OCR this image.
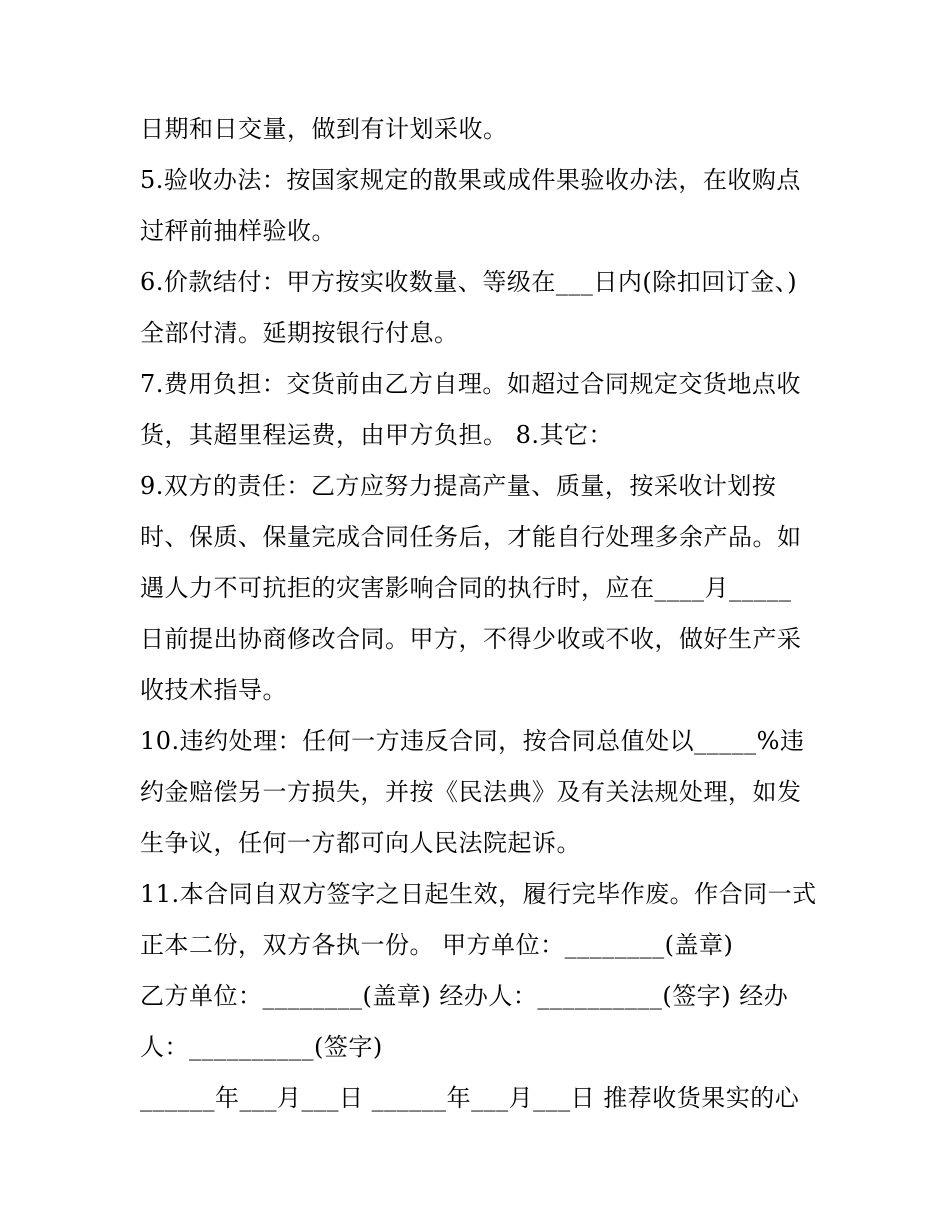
日期和日交量，做到有计划采收。
5.验收办法：按国家规定的散果或成件果验收办法，在收购点
过秤前抽样验收。
6.价款结付：甲方按实收数量、等级在___日内(除扣回订金、)
全部付清。延期按银行付息。
7.费用负担：交货前由乙方自理。如超过合同规定交货地点收
货，其超里程运费，由甲方负担。 8.其它：
9.双方的责任：乙方应努力提高产量、质量，按采收计划按
时、保质、保量完成合同任务后，才能自行处理多余产品。如
遇人力不可抗拒的灾害影响合同的执行时，应在____月_____
日前提出协商修改合同。甲方，不得少收或不收，做好生产采
收技术指导。
10.违约处理：任何一方违反合同，按合同总值处以_____%违
约金赔偿另一方损失，并按《民法典》及有关法规处理，如发
生争议，任何一方都可向人民法院起诉。
11.本合同自双方签字之日起生效，履行完毕作废。作合同一式
正本二份，双方各执一份。 甲方单位：________(盖章)
乙方单位：________(盖章) 经办人：__________(签字) 经办
人：__________(签字)
______年___月___日 ______年___月___日 推荐收货果实的心
